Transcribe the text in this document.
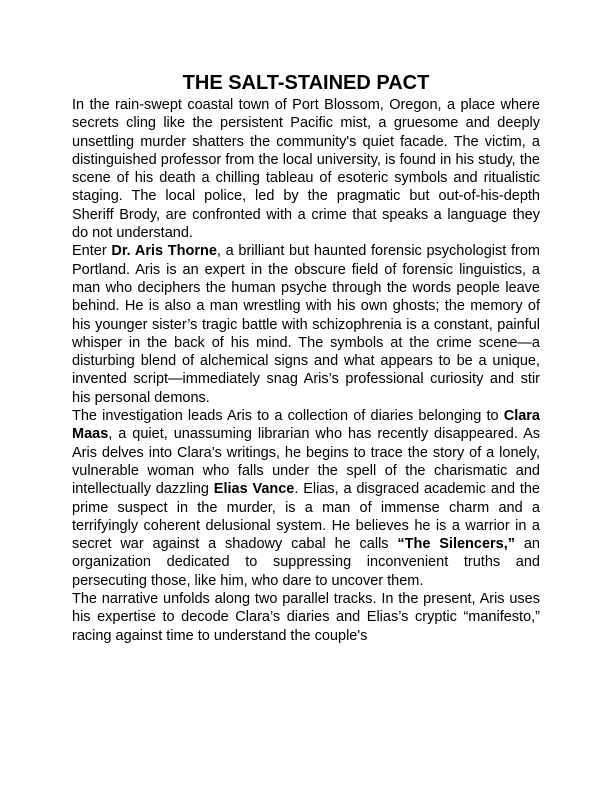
THE SALT-STAINED PACT

In the rain-swept coastal town of Port Blossom, Oregon, a place where secrets cling like the persistent Pacific mist, a gruesome and deeply unsettling murder shatters the community's quiet facade. The victim, a distinguished professor from the local university, is found in his study, the scene of his death a chilling tableau of esoteric symbols and ritualistic staging. The local police, led by the pragmatic but out-of-his-depth Sheriff Brody, are confronted with a crime that speaks a language they do not understand.

Enter Dr. Aris Thorne, a brilliant but haunted forensic psychologist from Portland. Aris is an expert in the obscure field of forensic linguistics, a man who deciphers the human psyche through the words people leave behind. He is also a man wrestling with his own ghosts; the memory of his younger sister’s tragic battle with schizophrenia is a constant, painful whisper in the back of his mind. The symbols at the crime scene—a disturbing blend of alchemical signs and what appears to be a unique, invented script—immediately snag Aris’s professional curiosity and stir his personal demons.

The investigation leads Aris to a collection of diaries belonging to Clara Maas, a quiet, unassuming librarian who has recently disappeared. As Aris delves into Clara’s writings, he begins to trace the story of a lonely, vulnerable woman who falls under the spell of the charismatic and intellectually dazzling Elias Vance. Elias, a disgraced academic and the prime suspect in the murder, is a man of immense charm and a terrifyingly coherent delusional system. He believes he is a warrior in a secret war against a shadowy cabal he calls “The Silencers,” an organization dedicated to suppressing inconvenient truths and persecuting those, like him, who dare to uncover them.

The narrative unfolds along two parallel tracks. In the present, Aris uses his expertise to decode Clara’s diaries and Elias’s cryptic “manifesto,” racing against time to understand the couple's
